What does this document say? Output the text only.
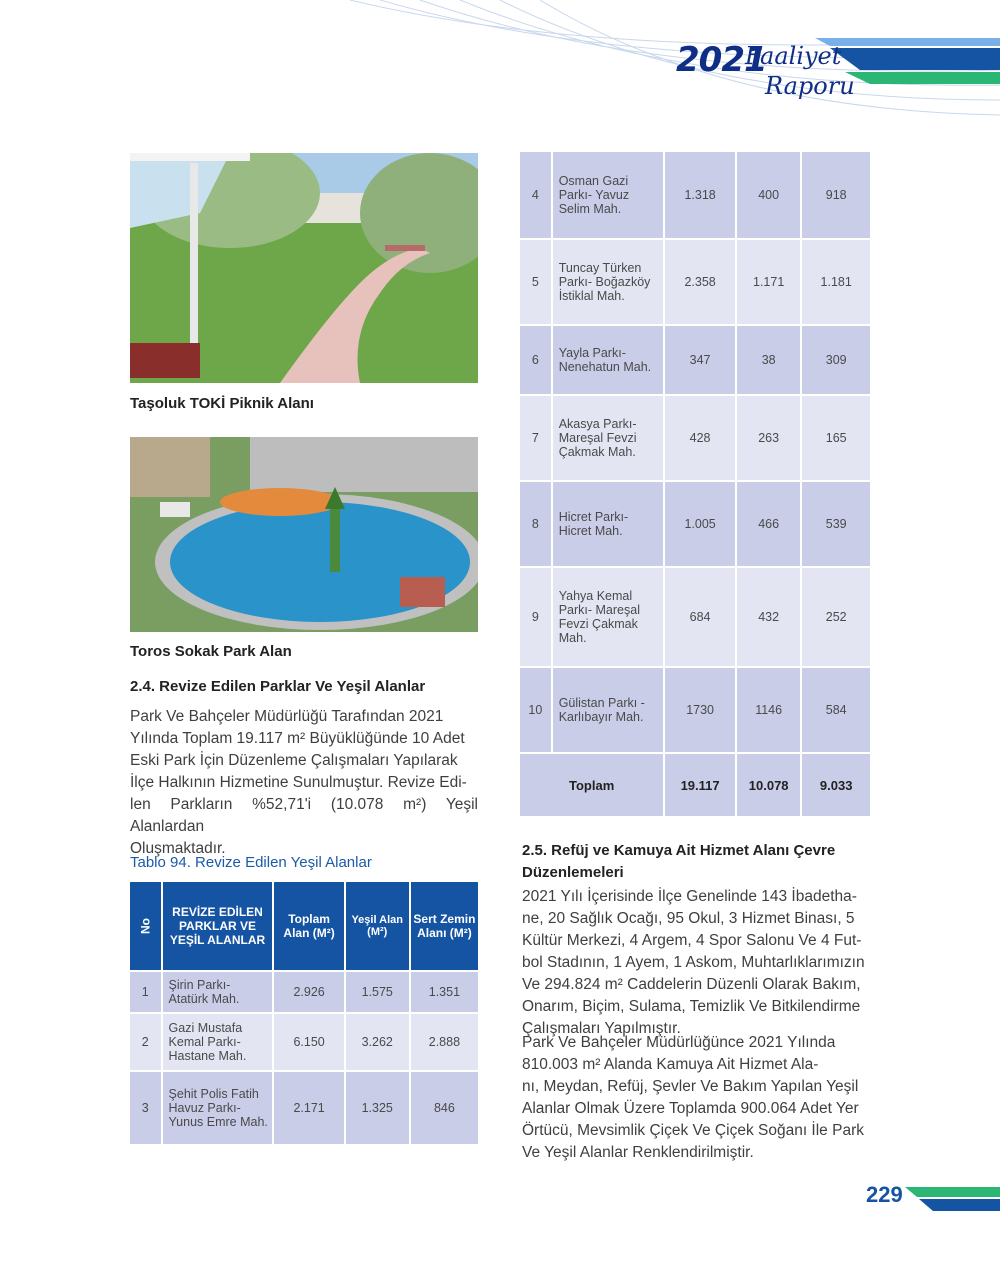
2021
Faaliyet
Raporu
Taşoluk TOKİ Piknik Alanı
Toros Sokak Park Alan
2.4. Revize Edilen Parklar Ve Yeşil Alanlar
Park Ve Bahçeler Müdürlüğü Tarafından 2021
Yılında Toplam 19.117 m² Büyüklüğünde 10 Adet
Eski Park İçin Düzenleme Çalışmaları Yapılarak
İlçe Halkının Hizmetine Sunulmuştur. Revize Edi-
len Parkların %52,71'i (10.078 m²) Yeşil Alanlardan
Oluşmaktadır.
Tablo 94. Revize Edilen Yeşil Alanlar
No	REVİZE EDİLEN PARKLAR VE YEŞİL ALANLAR	Toplam Alan (M²)	Yeşil Alan (M²)	Sert Zemin Alanı (M²)
1	Şirin Parkı- Atatürk Mah.	2.926	1.575	1.351
2	Gazi Mustafa Kemal Parkı- Hastane Mah.	6.150	3.262	2.888
3	Şehit Polis Fatih Havuz Parkı- Yunus Emre Mah.	2.171	1.325	846
4	Osman Gazi Parkı- Yavuz Selim Mah.	1.318	400	918
5	Tuncay Türken Parkı- Boğazköy İstiklal Mah.	2.358	1.171	1.181
6	Yayla Parkı- Nenehatun Mah.	347	38	309
7	Akasya Parkı- Mareşal Fevzi Çakmak Mah.	428	263	165
8	Hicret Parkı- Hicret Mah.	1.005	466	539
9	Yahya Kemal Parkı- Mareşal Fevzi Çakmak Mah.	684	432	252
10	Gülistan Parkı - Karlıbayır Mah.	1730	1146	584
Toplam		19.117	10.078	9.033
2.5. Refüj ve Kamuya Ait Hizmet Alanı Çevre
Düzenlemeleri
2021 Yılı İçerisinde İlçe Genelinde 143 İbadetha-
ne, 20 Sağlık Ocağı, 95 Okul, 3 Hizmet Binası, 5
Kültür Merkezi, 4 Argem, 4 Spor Salonu Ve 4 Fut-
bol Stadının, 1 Ayem, 1 Askom, Muhtarlıklarımızın
Ve 294.824 m² Caddelerin Düzenli Olarak Bakım,
Onarım, Biçim, Sulama, Temizlik Ve Bitkilendirme
Çalışmaları Yapılmıştır.
Park Ve Bahçeler Müdürlüğünce 2021 Yılında
810.003 m² Alanda Kamuya Ait Hizmet Ala-
nı, Meydan, Refüj, Şevler Ve Bakım Yapılan Yeşil
Alanlar Olmak Üzere Toplamda 900.064 Adet Yer
Örtücü, Mevsimlik Çiçek Ve Çiçek Soğanı İle Park
Ve Yeşil Alanlar Renklendirilmiştir.
229
